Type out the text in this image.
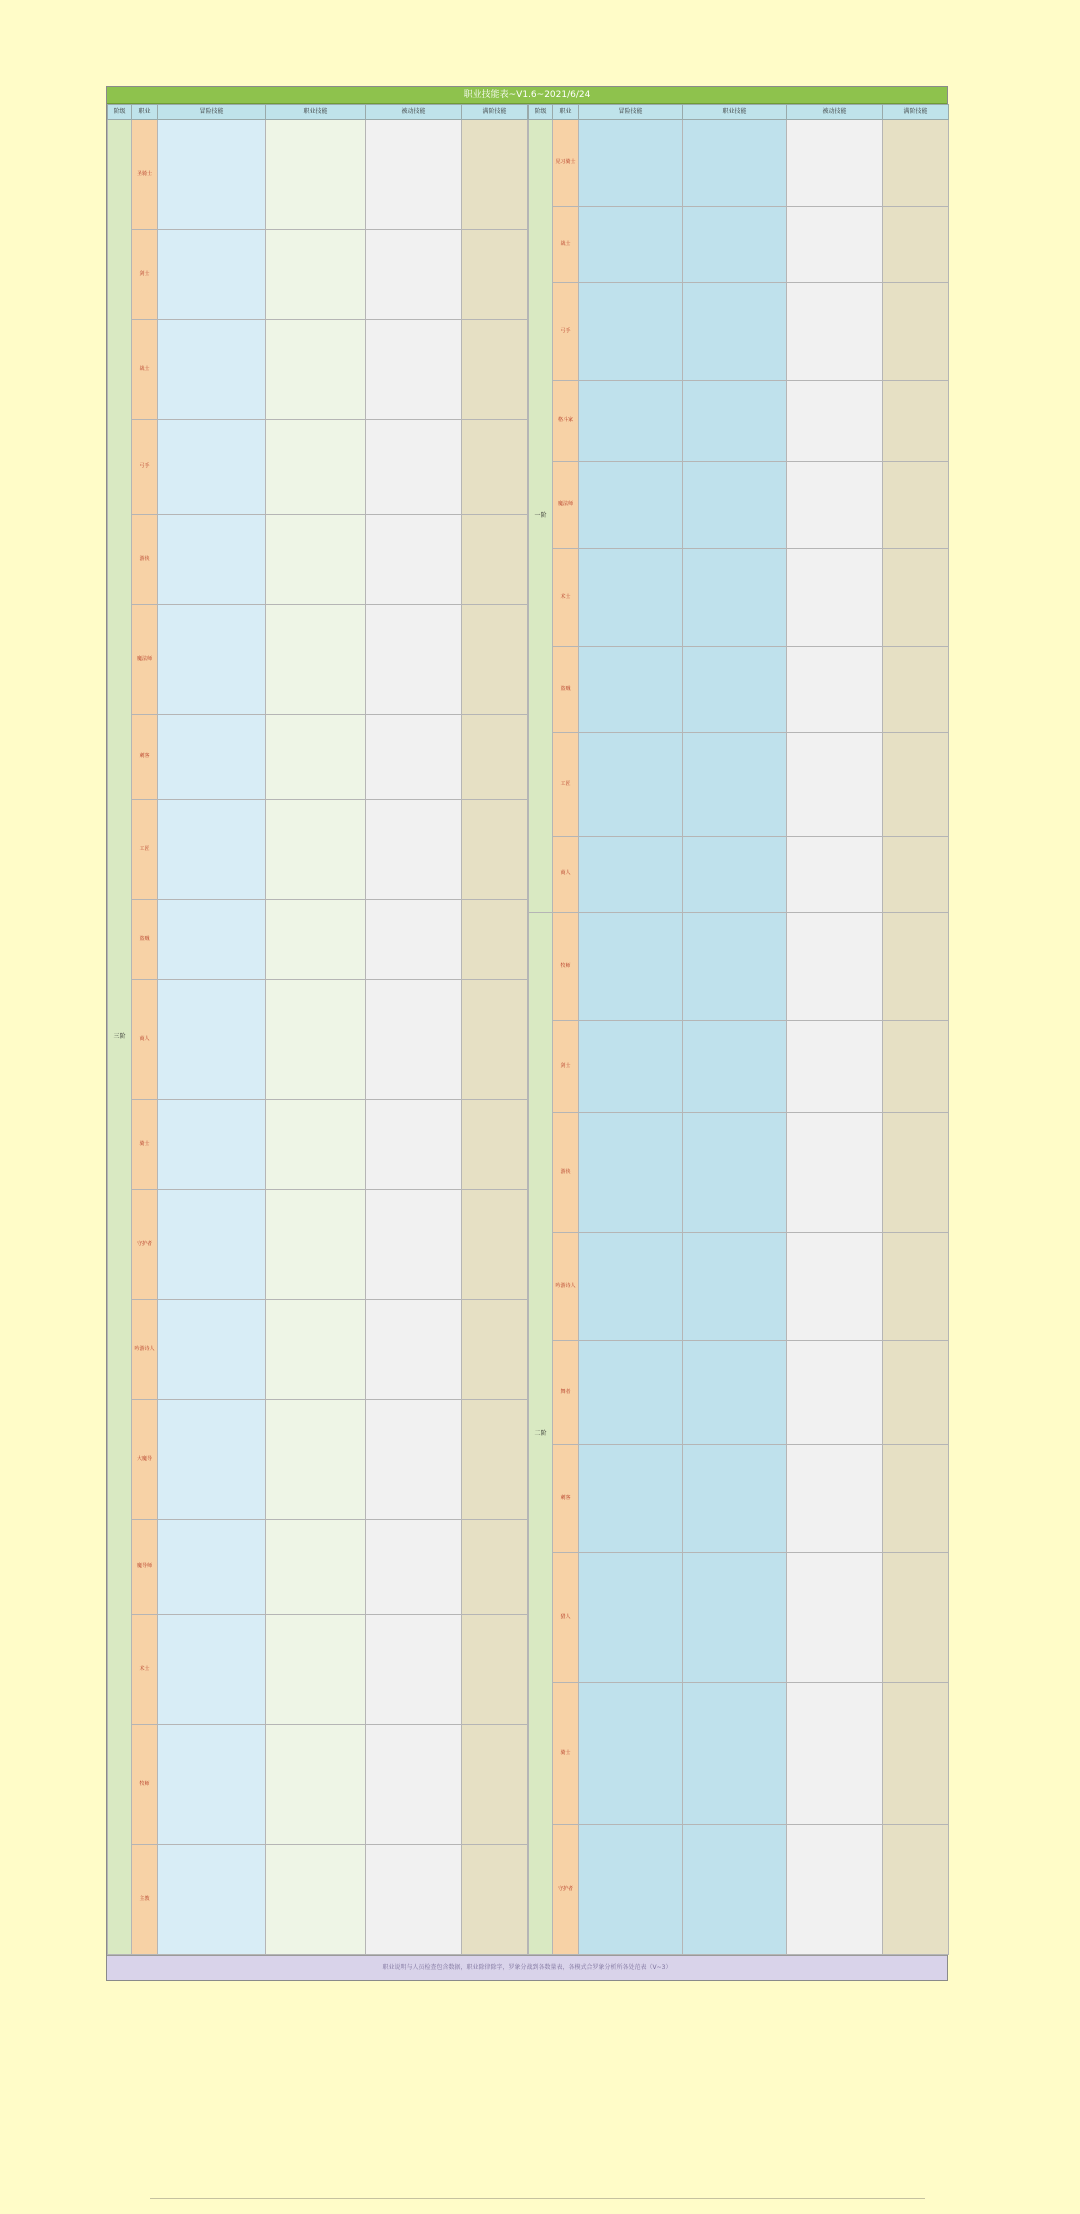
职业技能表~V1.6~2021/6/24
阶级	职业	冒险技能	职业技能	被动技能	满阶技能
三阶	圣骑士				
	剑士				
	战士				
	弓手				
	游侠				
	魔法师				
	刺客				
	工匠				
	盗贼				
	商人				
	骑士				
	守护者				
	吟游诗人				
	大魔导				
	魔导师				
	术士				
	牧师				
	主教				
阶级	职业	冒险技能	职业技能	被动技能	满阶技能
一阶	见习骑士				
	战士				
	弓手				
	格斗家				
	魔法师				
	术士				
	盗贼				
	工匠				
	商人				
二阶	牧师				
	剑士				
	游侠				
	吟游诗人				
	舞者				
	刺客				
	猎人				
	骑士				
	守护者				
职业说明与人员检查包含数据，职业除律除字，罗象分战到各数量表，各模式合罗象分析所各处范表（V~3）
